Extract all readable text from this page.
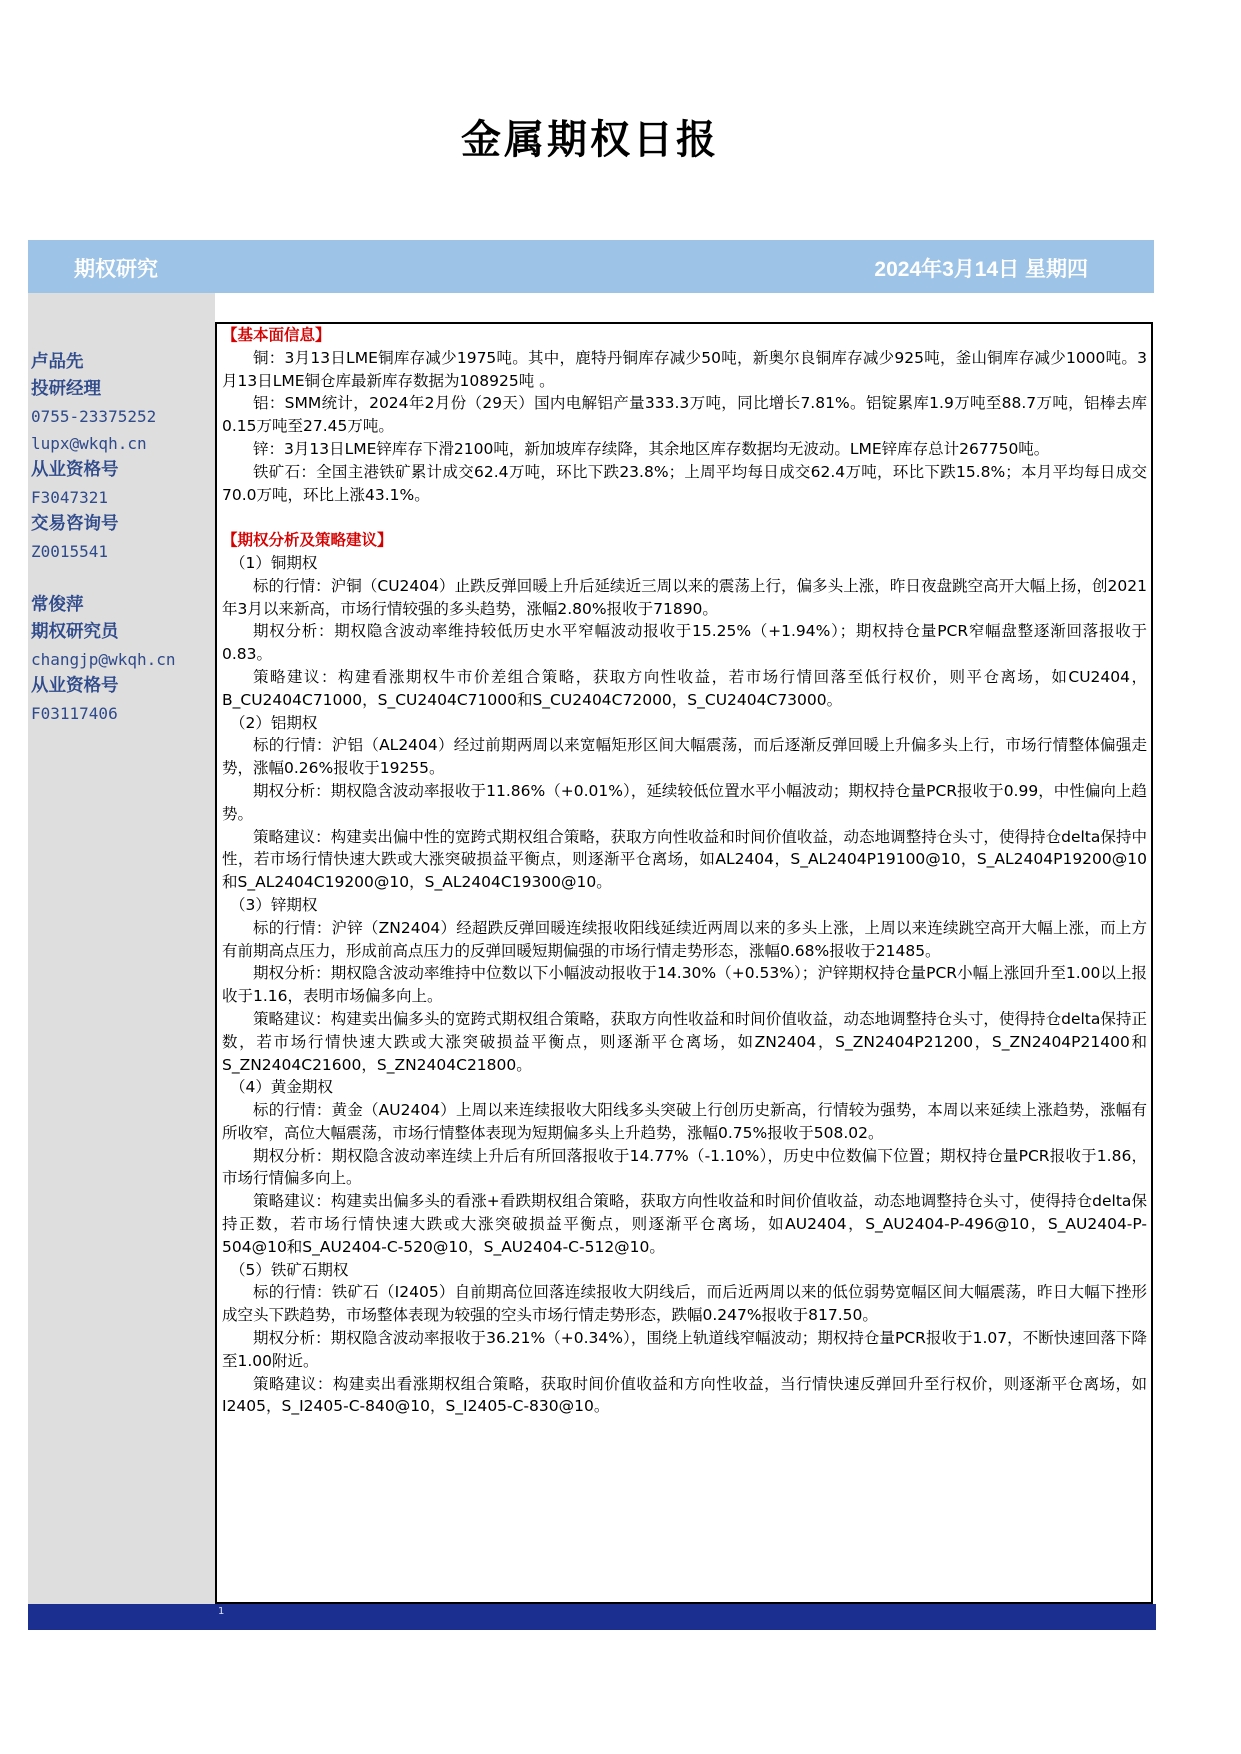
金属期权日报
期权研究	2024年3月14日 星期四
卢品先
投研经理
0755-23375252
lupx@wkqh.cn
从业资格号
F3047321
交易咨询号
Z0015541
常俊萍
期权研究员
changjp@wkqh.cn
从业资格号
F03117406
【基本面信息】
铜：3月13日LME铜库存减少1975吨。其中，鹿特丹铜库存减少50吨，新奥尔良铜库存减少925吨，釜山铜库存减少1000吨。3月13日LME铜仓库最新库存数据为108925吨 。
铝：SMM统计，2024年2月份（29天）国内电解铝产量333.3万吨，同比增长7.81%。铝锭累库1.9万吨至88.7万吨，铝棒去库0.15万吨至27.45万吨。
锌：3月13日LME锌库存下滑2100吨，新加坡库存续降，其余地区库存数据均无波动。LME锌库存总计267750吨。
铁矿石：全国主港铁矿累计成交62.4万吨，环比下跌23.8%；上周平均每日成交62.4万吨，环比下跌15.8%；本月平均每日成交70.0万吨，环比上涨43.1%。
【期权分析及策略建议】
（1）铜期权
标的行情：沪铜（CU2404）止跌反弹回暖上升后延续近三周以来的震荡上行，偏多头上涨，昨日夜盘跳空高开大幅上扬，创2021年3月以来新高，市场行情较强的多头趋势，涨幅2.80%报收于71890。
期权分析：期权隐含波动率维持较低历史水平窄幅波动报收于15.25%（+1.94%）；期权持仓量PCR窄幅盘整逐渐回落报收于0.83。
策略建议：构建看涨期权牛市价差组合策略，获取方向性收益，若市场行情回落至低行权价，则平仓离场，如CU2404，B_CU2404C71000，S_CU2404C71000和S_CU2404C72000，S_CU2404C73000。
（2）铝期权
标的行情：沪铝（AL2404）经过前期两周以来宽幅矩形区间大幅震荡，而后逐渐反弹回暖上升偏多头上行，市场行情整体偏强走势，涨幅0.26%报收于19255。
期权分析：期权隐含波动率报收于11.86%（+0.01%），延续较低位置水平小幅波动；期权持仓量PCR报收于0.99，中性偏向上趋势。
策略建议：构建卖出偏中性的宽跨式期权组合策略，获取方向性收益和时间价值收益，动态地调整持仓头寸，使得持仓delta保持中性，若市场行情快速大跌或大涨突破损益平衡点，则逐渐平仓离场，如AL2404，S_AL2404P19100@10，S_AL2404P19200@10和S_AL2404C19200@10，S_AL2404C19300@10。
（3）锌期权
标的行情：沪锌（ZN2404）经超跌反弹回暖连续报收阳线延续近两周以来的多头上涨，上周以来连续跳空高开大幅上涨，而上方有前期高点压力，形成前高点压力的反弹回暖短期偏强的市场行情走势形态，涨幅0.68%报收于21485。
期权分析：期权隐含波动率维持中位数以下小幅波动报收于14.30%（+0.53%）；沪锌期权持仓量PCR小幅上涨回升至1.00以上报收于1.16，表明市场偏多向上。
策略建议：构建卖出偏多头的宽跨式期权组合策略，获取方向性收益和时间价值收益，动态地调整持仓头寸，使得持仓delta保持正数，若市场行情快速大跌或大涨突破损益平衡点，则逐渐平仓离场，如ZN2404，S_ZN2404P21200，S_ZN2404P21400和S_ZN2404C21600，S_ZN2404C21800。
（4）黄金期权
标的行情：黄金（AU2404）上周以来连续报收大阳线多头突破上行创历史新高，行情较为强势，本周以来延续上涨趋势，涨幅有所收窄，高位大幅震荡，市场行情整体表现为短期偏多头上升趋势，涨幅0.75%报收于508.02。
期权分析：期权隐含波动率连续上升后有所回落报收于14.77%（-1.10%），历史中位数偏下位置；期权持仓量PCR报收于1.86，市场行情偏多向上。
策略建议：构建卖出偏多头的看涨+看跌期权组合策略，获取方向性收益和时间价值收益，动态地调整持仓头寸，使得持仓delta保持正数，若市场行情快速大跌或大涨突破损益平衡点，则逐渐平仓离场，如AU2404，S_AU2404-P-496@10，S_AU2404-P-504@10和S_AU2404-C-520@10，S_AU2404-C-512@10。
（5）铁矿石期权
标的行情：铁矿石（I2405）自前期高位回落连续报收大阴线后，而后近两周以来的低位弱势宽幅区间大幅震荡，昨日大幅下挫形成空头下跌趋势，市场整体表现为较强的空头市场行情走势形态，跌幅0.247%报收于817.50。
期权分析：期权隐含波动率报收于36.21%（+0.34%），围绕上轨道线窄幅波动；期权持仓量PCR报收于1.07，不断快速回落下降至1.00附近。
策略建议：构建卖出看涨期权组合策略，获取时间价值收益和方向性收益，当行情快速反弹回升至行权价，则逐渐平仓离场，如I2405，S_I2405-C-840@10，S_I2405-C-830@10。
1
